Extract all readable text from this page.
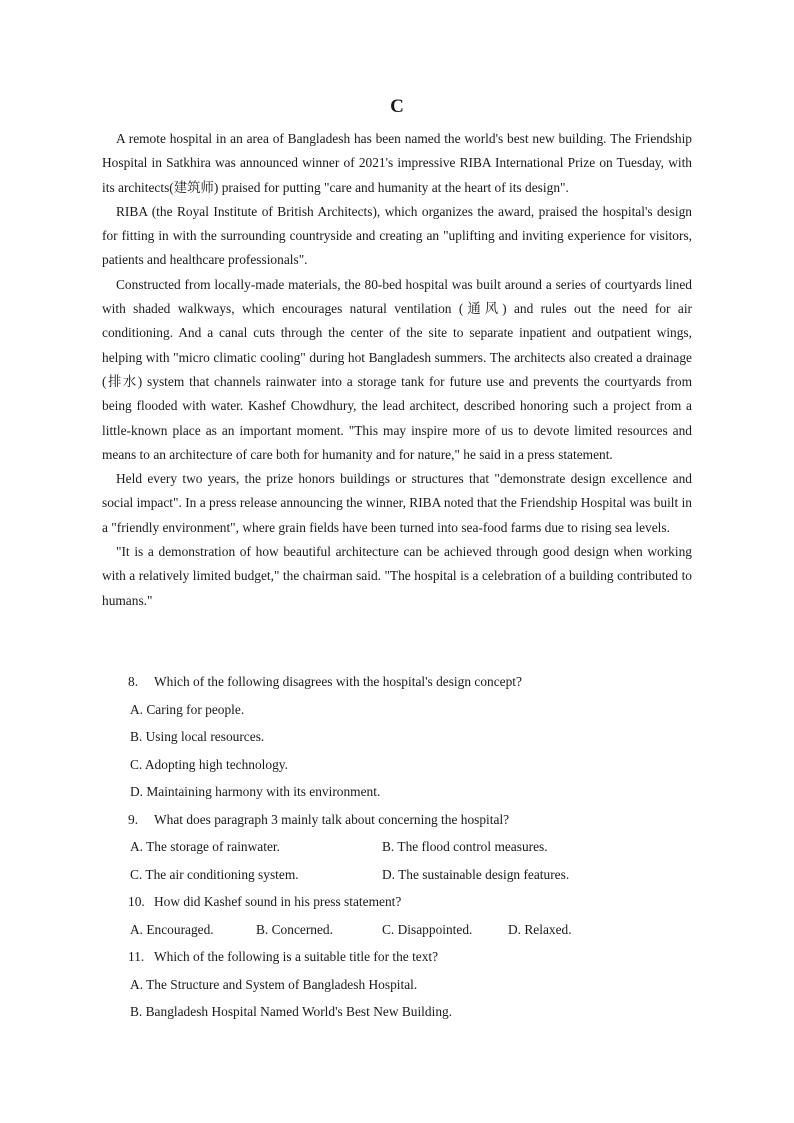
C

A remote hospital in an area of Bangladesh has been named the world's best new building. The Friendship Hospital in Satkhira was announced winner of 2021's impressive RIBA International Prize on Tuesday, with its architects(建筑师) praised for putting "care and humanity at the heart of its design".

RIBA (the Royal Institute of British Architects), which organizes the award, praised the hospital's design for fitting in with the surrounding countryside and creating an "uplifting and inviting experience for visitors, patients and healthcare professionals".

Constructed from locally-made materials, the 80-bed hospital was built around a series of courtyards lined with shaded walkways, which encourages natural ventilation (通风) and rules out the need for air conditioning. And a canal cuts through the center of the site to separate inpatient and outpatient wings, helping with "micro climatic cooling" during hot Bangladesh summers. The architects also created a drainage (排水) system that channels rainwater into a storage tank for future use and prevents the courtyards from being flooded with water. Kashef Chowdhury, the lead architect, described honoring such a project from a little-known place as an important moment. "This may inspire more of us to devote limited resources and means to an architecture of care both for humanity and for nature," he said in a press statement.

Held every two years, the prize honors buildings or structures that "demonstrate design excellence and social impact". In a press release announcing the winner, RIBA noted that the Friendship Hospital was built in a "friendly environment", where grain fields have been turned into sea-food farms due to rising sea levels.

"It is a demonstration of how beautiful architecture can be achieved through good design when working with a relatively limited budget," the chairman said. "The hospital is a celebration of a building contributed to humans."

8. Which of the following disagrees with the hospital's design concept?
A. Caring for people.
B. Using local resources.
C. Adopting high technology.
D. Maintaining harmony with its environment.
9. What does paragraph 3 mainly talk about concerning the hospital?
A. The storage of rainwater.	B. The flood control measures.
C. The air conditioning system.	D. The sustainable design features.
10. How did Kashef sound in his press statement?
A. Encouraged.	B. Concerned.	C. Disappointed.	D. Relaxed.
11. Which of the following is a suitable title for the text?
A. The Structure and System of Bangladesh Hospital.
B. Bangladesh Hospital Named World's Best New Building.
